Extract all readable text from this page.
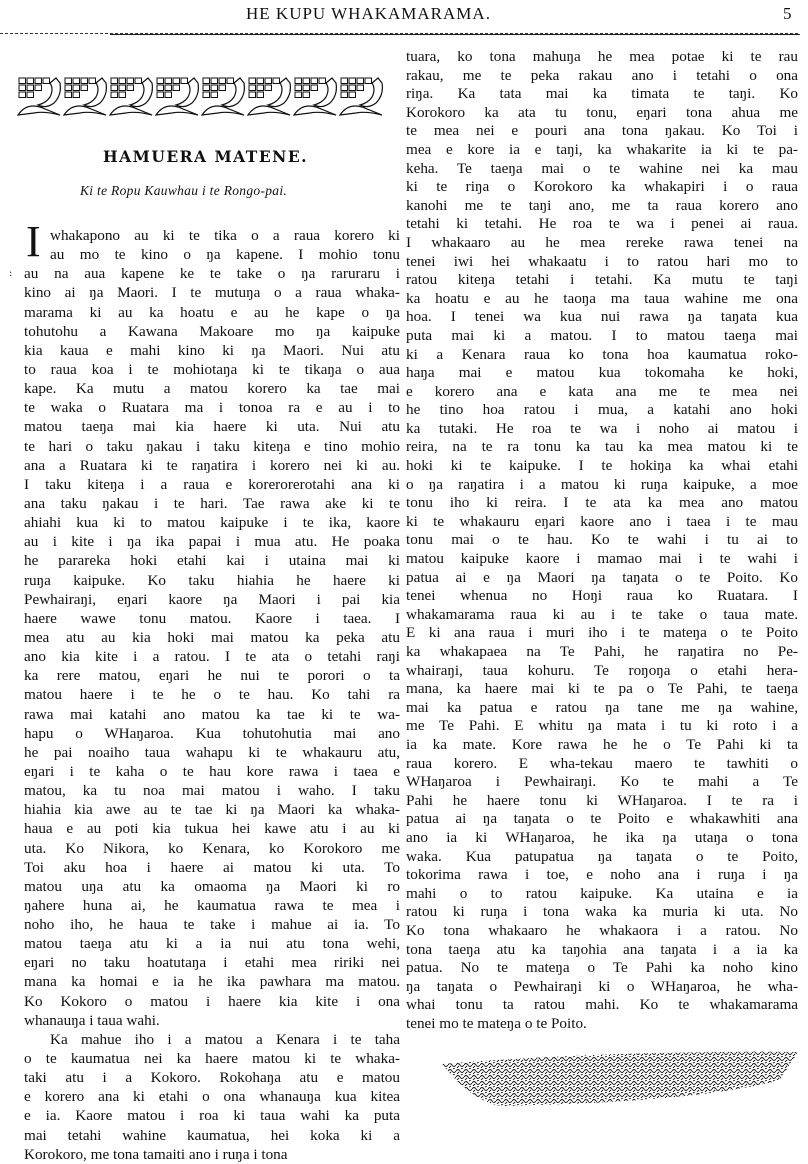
HE KUPU WHAKAMARAMA.	5
HAMUERA MATENE.
Ki te Ropu Kauwhau i te Rongo-pai.
I
:
whakapono au ki te tika o a raua korero ki
au mo te kino o ŋa kapene. I mohio tonu
au na aua kapene ke te take o ŋa raruraru i
kino ai ŋa Maori. I te mutuŋa o a raua whaka-
marama ki au ka hoatu e au he kape o ŋa
tohutohu a Kawana Makoare mo ŋa kaipuke
kia kaua e mahi kino ki ŋa Maori. Nui atu
to raua koa i te mohiotaŋa ki te tikaŋa o aua
kape. Ka mutu a matou korero ka tae mai
te waka o Ruatara ma i tonoa ra e au i to
matou taeŋa mai kia haere ki uta. Nui atu
te hari o taku ŋakau i taku kiteŋa e tino mohio
ana a Ruatara ki te raŋatira i korero nei ki au.
I taku kiteŋa i a raua e korerorerotahi ana ki
ana taku ŋakau i te hari. Tae rawa ake ki te
ahiahi kua ki to matou kaipuke i te ika, kaore
au i kite i ŋa ika papai i mua atu. He poaka
he parareka hoki etahi kai i utaina mai ki
ruŋa kaipuke. Ko taku hiahia he haere ki
Pewhairaŋi, eŋari kaore ŋa Maori i pai kia
haere wawe tonu matou. Kaore i taea. I
mea atu au kia hoki mai matou ka peka atu
ano kia kite i a ratou. I te ata o tetahi raŋi
ka rere matou, eŋari he nui te porori o ta
matou haere i te he o te hau. Ko tahi ra
rawa mai katahi ano matou ka tae ki te wa-
hapu o WHaŋaroa. Kua tohutohutia mai ano
he pai noaiho taua wahapu ki te whakauru atu,
eŋari i te kaha o te hau kore rawa i taea e
matou, ka tu noa mai matou i waho. I taku
hiahia kia awe au te tae ki ŋa Maori ka whaka-
haua e au poti kia tukua hei kawe atu i au ki
uta. Ko Nikora, ko Kenara, ko Korokoro me
Toi aku hoa i haere ai matou ki uta. To
matou uŋa atu ka omaoma ŋa Maori ki ro
ŋahere huna ai, he kaumatua rawa te mea i
noho iho, he haua te take i mahue ai ia. To
matou taeŋa atu ki a ia nui atu tona wehi,
eŋari no taku hoatutaŋa i etahi mea ririki nei
mana ka homai e ia he ika pawhara ma matou.
Ko Kokoro o matou i haere kia kite i ona
whanauŋa i taua wahi.
Ka mahue iho i a matou a Kenara i te taha
o te kaumatua nei ka haere matou ki te whaka-
taki atu i a Kokoro. Rokohaŋa atu e matou
e korero ana ki etahi o ona whanauŋa kua kitea
e ia. Kaore matou i roa ki taua wahi ka puta
mai tetahi wahine kaumatua, hei koka ki a
Korokoro, me tona tamaiti ano i ruŋa i tona
tuara, ko tona mahuŋa he mea potae ki te rau
rakau, me te peka rakau ano i tetahi o ona
riŋa. Ka tata mai ka timata te taŋi. Ko
Korokoro ka ata tu tonu, eŋari tona ahua me
te mea nei e pouri ana tona ŋakau. Ko Toi i
mea e kore ia e taŋi, ka whakarite ia ki te pa-
keha. Te taeŋa mai o te wahine nei ka mau
ki te riŋa o Korokoro ka whakapiri i o raua
kanohi me te taŋi ano, me ta raua korero ano
tetahi ki tetahi. He roa te wa i penei ai raua.
I whakaaro au he mea rereke rawa tenei na
tenei iwi hei whakaatu i to ratou hari mo to
ratou kiteŋa tetahi i tetahi. Ka mutu te taŋi
ka hoatu e au he taoŋa ma taua wahine me ona
hoa. I tenei wa kua nui rawa ŋa taŋata kua
puta mai ki a matou. I to matou taeŋa mai
ki a Kenara raua ko tona hoa kaumatua roko-
haŋa mai e matou kua tokomaha ke hoki,
e korero ana e kata ana me te mea nei
he tino hoa ratou i mua, a katahi ano hoki
ka tutaki. He roa te wa i noho ai matou i
reira, na te ra tonu ka tau ka mea matou ki te
hoki ki te kaipuke. I te hokiŋa ka whai etahi
o ŋa raŋatira i a matou ki ruŋa kaipuke, a moe
tonu iho ki reira. I te ata ka mea ano matou
ki te whakauru eŋari kaore ano i taea i te mau
tonu mai o te hau. Ko te wahi i tu ai to
matou kaipuke kaore i mamao mai i te wahi i
patua ai e ŋa Maori ŋa taŋata o te Poito. Ko
tenei whenua no Hoŋi raua ko Ruatara. I
whakamarama raua ki au i te take o taua mate.
E ki ana raua i muri iho i te mateŋa o te Poito
ka whakapaea na Te Pahi, he raŋatira no Pe-
whairaŋi, taua kohuru. Te roŋoŋa o etahi hera-
mana, ka haere mai ki te pa o Te Pahi, te taeŋa
mai ka patua e ratou ŋa tane me ŋa wahine,
me Te Pahi. E whitu ŋa mata i tu ki roto i a
ia ka mate. Kore rawa he he o Te Pahi ki ta
raua korero. E wha-tekau maero te tawhiti o
WHaŋaroa i Pewhairaŋi. Ko te mahi a Te
Pahi he haere tonu ki WHaŋaroa. I te ra i
patua ai ŋa taŋata o te Poito e whakawhiti ana
ano ia ki WHaŋaroa, he ika ŋa utaŋa o tona
waka. Kua patupatua ŋa taŋata o te Poito,
tokorima rawa i toe, e noho ana i ruŋa i ŋa
mahi o to ratou kaipuke. Ka utaina e ia
ratou ki ruŋa i tona waka ka muria ki uta. No
Ko tona whakaaro he whakaora i a ratou. No
tona taeŋa atu ka taŋohia ana taŋata i a ia ka
patua. No te mateŋa o Te Pahi ka noho kino
ŋa taŋata o Pewhairaŋi ki o WHaŋaroa, he wha-
whai tonu ta ratou mahi. Ko te whakamarama
tenei mo te mateŋa o te Poito.
